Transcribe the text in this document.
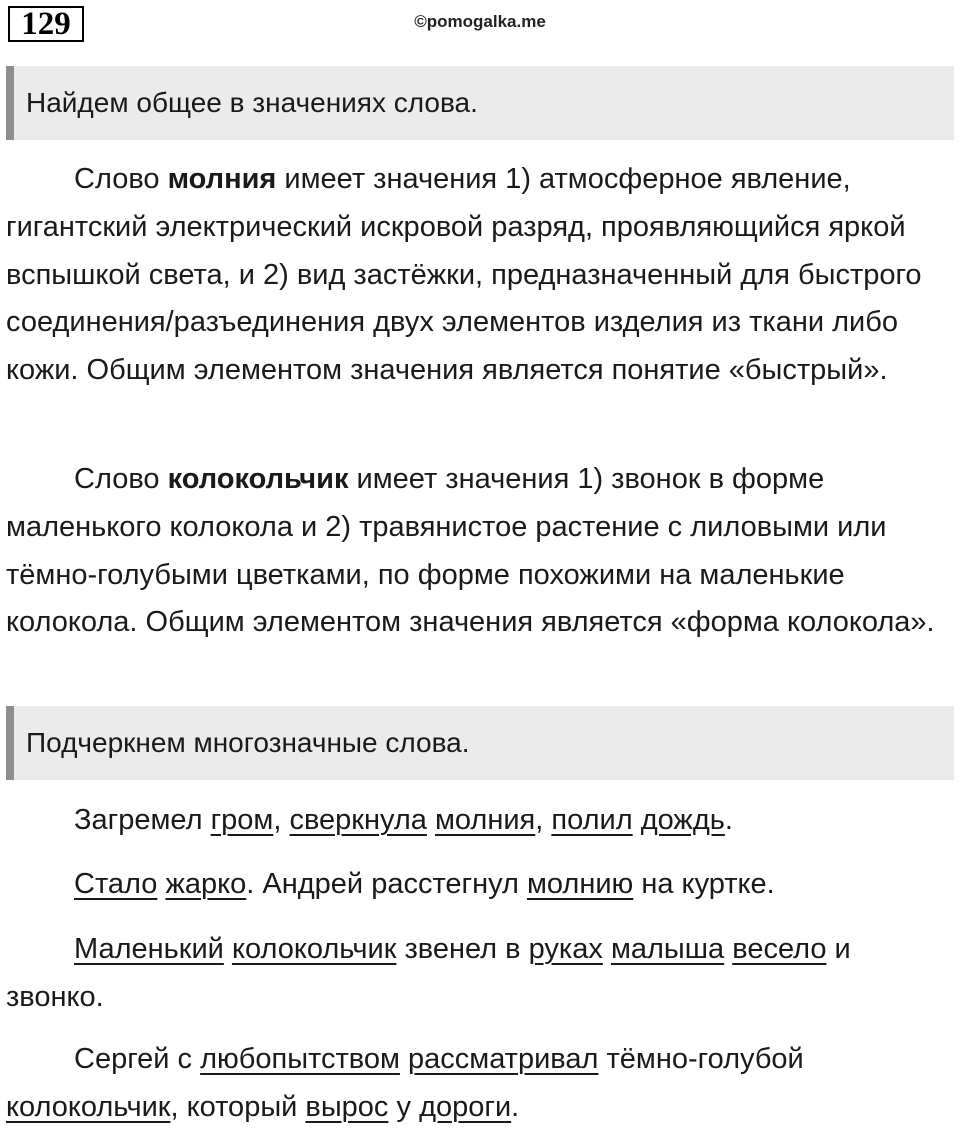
129	©pomogalka.me
Найдем общее в значениях слова.

Слово молния имеет значения 1) атмосферное явление, гигантский электрический искровой разряд, проявляющийся яркой вспышкой света, и 2) вид застёжки, предназначенный для быстрого соединения/разъединения двух элементов изделия из ткани либо кожи. Общим элементом значения является понятие «быстрый».

Слово колокольчик имеет значения 1) звонок в форме маленького колокола и 2) травянистое растение с лиловыми или тёмно-голубыми цветками, по форме похожими на маленькие колокола. Общим элементом значения является «форма колокола».

Подчеркнем многозначные слова.

Загремел гром, сверкнула молния, полил дождь.

Стало жарко. Андрей расстегнул молнию на куртке.

Маленький колокольчик звенел в руках малыша весело и звонко.

Сергей с любопытством рассматривал тёмно-голубой колокольчик, который вырос у дороги.
